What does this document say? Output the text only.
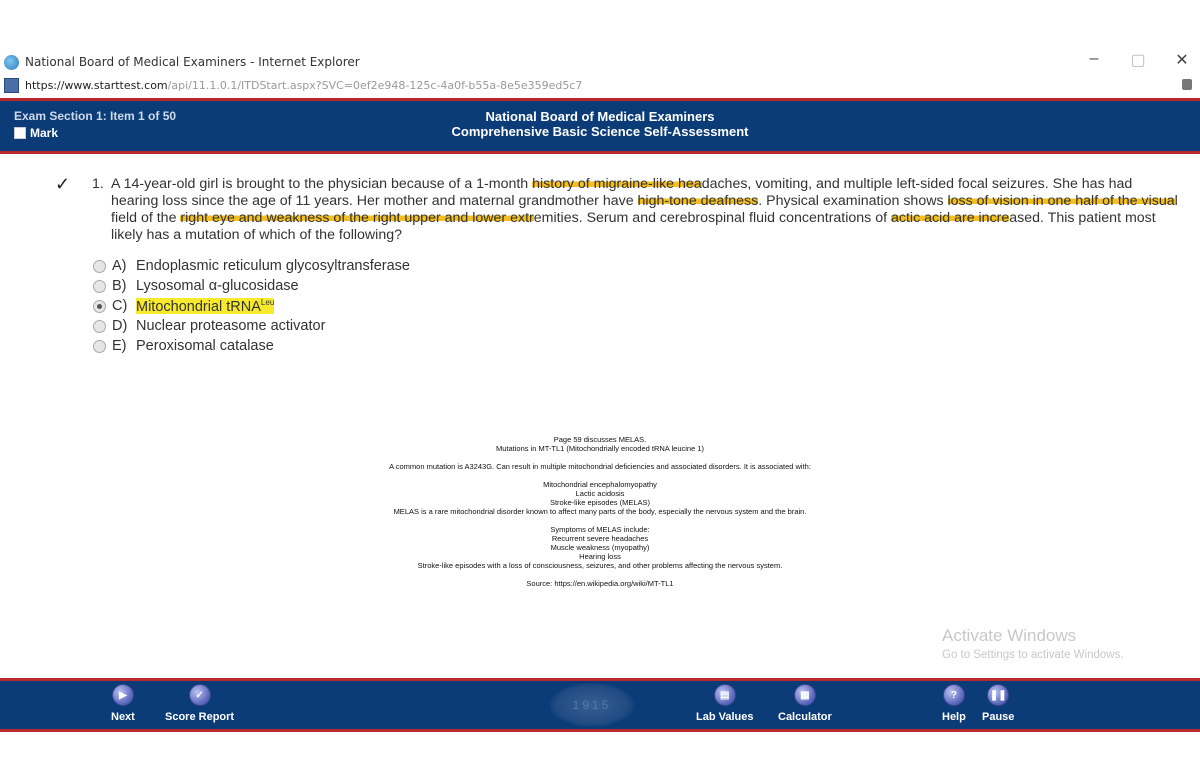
National Board of Medical Examiners - Internet Explorer	– ▢ ✕
https://www.starttest.com/api/11.1.0.1/ITDStart.aspx?SVC=0ef2e948-125c-4a0f-b55a-8e5e359ed5c7
Exam Section 1: Item 1 of 50
Mark
National Board of Medical Examiners
Comprehensive Basic Science Self-Assessment
✓ 1. A 14-year-old girl is brought to the physician because of a 1-month history of migraine-like headaches, vomiting, and multiple left-sided focal seizures. She has had hearing loss since the age of 11 years. Her mother and maternal grandmother have high-tone deafness. Physical examination shows loss of vision in one half of the visual field of the right eye and weakness of the right upper and lower extremities. Serum and cerebrospinal fluid concentrations of actic acid are increased. This patient most likely has a mutation of which of the following?
A) Endoplasmic reticulum glycosyltransferase
B) Lysosomal α-glucosidase
C) Mitochondrial tRNA$^{Leu}$
D) Nuclear proteasome activator
E) Peroxisomal catalase

Page 59 discusses MELAS.

Mutations in MT-TL1 (Mitochondrially encoded tRNA leucine 1)

A common mutation is A3243G. Can result in multiple mitochondrial deficiencies and associated disorders. It is associated with:

Mitochondrial encephalomyopathy

Lactic acidosis

Stroke-like episodes (MELAS)

MELAS is a rare mitochondrial disorder known to affect many parts of the body, especially the nervous system and the brain.

Symptoms of MELAS include:

Recurrent severe headaches

Muscle weakness (myopathy)

Hearing loss

Stroke-like episodes with a loss of consciousness, seizures, and other problems affecting the nervous system.

Source: https://en.wikipedia.org/wiki/MT-TL1

Activate Windows
Go to Settings to activate Windows.
1915
▶
Next
✓
Score Report
▤
Lab Values
▦
Calculator
?
Help
❚❚
Pause
